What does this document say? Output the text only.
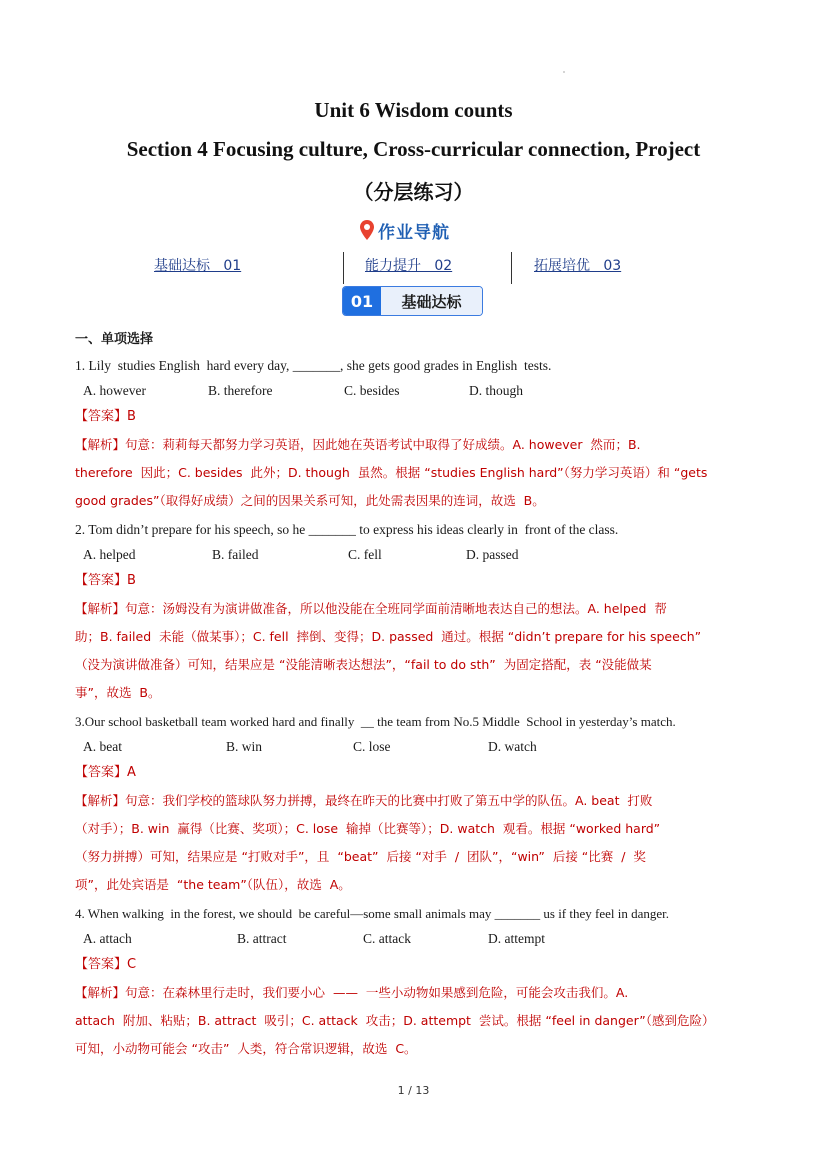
Unit 6 Wisdom counts
Section 4 Focusing culture, Cross-curricular connection, Project
（分层练习）
作业导航
基础达标   01	能力提升   02	拓展培优   03
01	基础达标
一、单项选择
1. Lily  studies English  hard every day, _______, she gets good grades in English  tests.
A. however	B. therefore	C. besides	D. though
【答案】B
【解析】句意：莉莉每天都努力学习英语，因此她在英语考试中取得了好成绩。A. however  然而；B.
therefore  因此；C. besides  此外；D. though  虽然。根据 “studies English hard”（努力学习英语）和 “gets
good grades”（取得好成绩）之间的因果关系可知，此处需表因果的连词，故选  B。
2. Tom didn’t prepare for his speech, so he _______ to express his ideas clearly in  front of the class.
A. helped	B. failed	C. fell	D. passed
【答案】B
【解析】句意：汤姆没有为演讲做准备，所以他没能在全班同学面前清晰地表达自己的想法。A. helped  帮
助；B. failed  未能（做某事）；C. fell  摔倒、变得；D. passed  通过。根据 “didn’t prepare for his speech”
（没为演讲做准备）可知，结果应是 “没能清晰表达想法”，“fail to do sth”  为固定搭配，表 “没能做某
事”，故选  B。
3.Our school basketball team worked hard and finally  __ the team from No.5 Middle  School in yesterday’s match.
A. beat	B. win	C. lose	D. watch
【答案】A
【解析】句意：我们学校的篮球队努力拼搏，最终在昨天的比赛中打败了第五中学的队伍。A. beat  打败
（对手）；B. win  赢得（比赛、奖项）；C. lose  输掉（比赛等）；D. watch  观看。根据 “worked hard”
（努力拼搏）可知，结果应是 “打败对手”，且  “beat”  后接 “对手  /  团队”，“win”  后接 “比赛  /  奖
项”，此处宾语是  “the team”（队伍），故选  A。
4. When walking  in the forest, we should  be careful—some small animals may _______ us if they feel in danger.
A. attach	B. attract	C. attack	D. attempt
【答案】C
【解析】句意：在森林里行走时，我们要小心  ——  一些小动物如果感到危险，可能会攻击我们。A.
attach  附加、粘贴；B. attract  吸引；C. attack  攻击；D. attempt  尝试。根据 “feel in danger”（感到危险）
可知，小动物可能会 “攻击”  人类，符合常识逻辑，故选  C。
1 / 13
